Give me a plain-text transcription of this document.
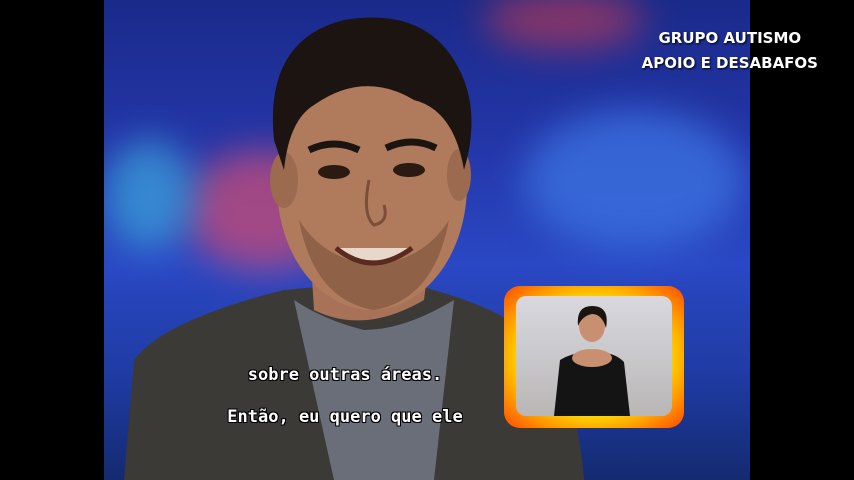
sobre outras áreas.
Então, eu quero que ele
GRUPO AUTISMO
APOIO E DESABAFOS
